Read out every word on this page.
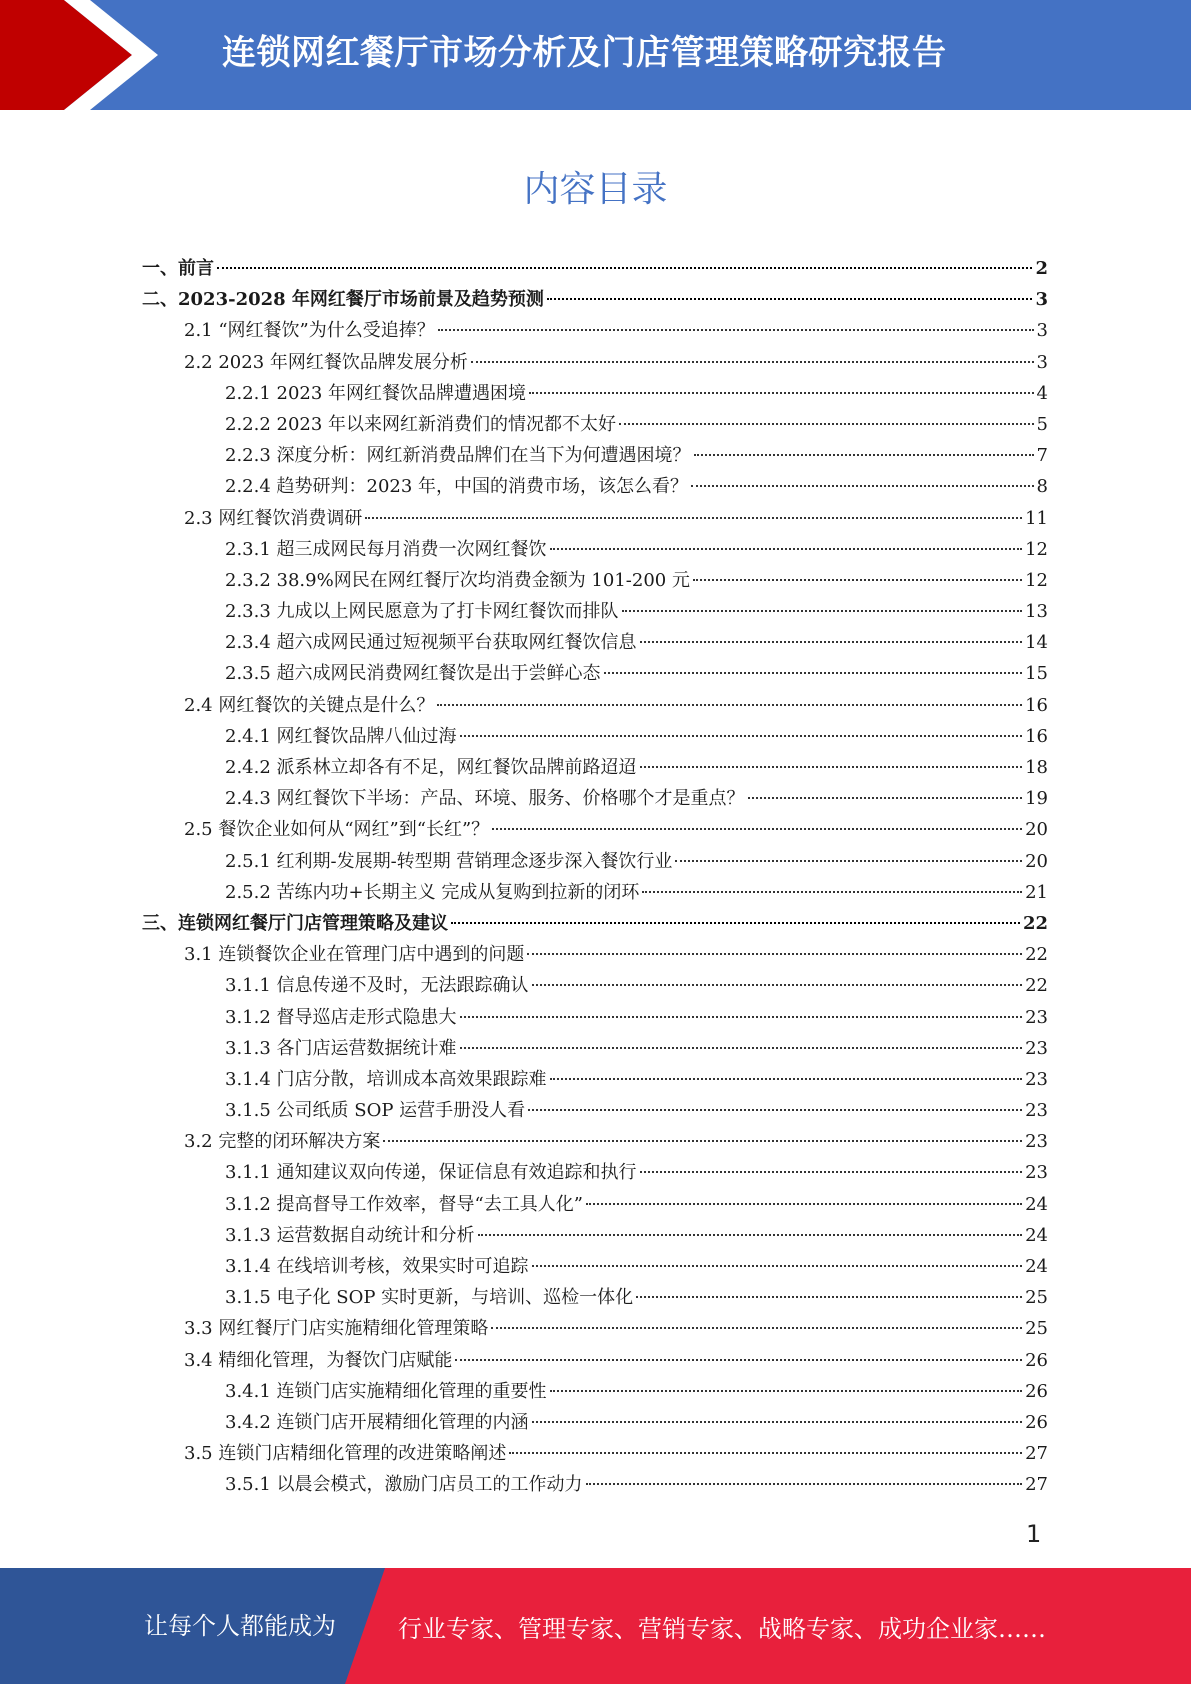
连锁网红餐厅市场分析及门店管理策略研究报告
内容目录
一、前言	2
二、2023-2028 年网红餐厅市场前景及趋势预测	3
2.1 “网红餐饮”为什么受追捧？	3
2.2 2023 年网红餐饮品牌发展分析	3
2.2.1 2023 年网红餐饮品牌遭遇困境	4
2.2.2 2023 年以来网红新消费们的情况都不太好	5
2.2.3 深度分析：网红新消费品牌们在当下为何遭遇困境？	7
2.2.4 趋势研判：2023 年，中国的消费市场，该怎么看？	8
2.3 网红餐饮消费调研	11
2.3.1 超三成网民每月消费一次网红餐饮	12
2.3.2 38.9%网民在网红餐厅次均消费金额为 101-200 元	12
2.3.3 九成以上网民愿意为了打卡网红餐饮而排队	13
2.3.4 超六成网民通过短视频平台获取网红餐饮信息	14
2.3.5 超六成网民消费网红餐饮是出于尝鲜心态	15
2.4 网红餐饮的关键点是什么？	16
2.4.1 网红餐饮品牌八仙过海	16
2.4.2 派系林立却各有不足，网红餐饮品牌前路迢迢	18
2.4.3 网红餐饮下半场：产品、环境、服务、价格哪个才是重点？	19
2.5 餐饮企业如何从“网红”到“长红”？	20
2.5.1 红利期-发展期-转型期 营销理念逐步深入餐饮行业	20
2.5.2 苦练内功+长期主义 完成从复购到拉新的闭环	21
三、连锁网红餐厅门店管理策略及建议	22
3.1 连锁餐饮企业在管理门店中遇到的问题	22
3.1.1 信息传递不及时，无法跟踪确认	22
3.1.2 督导巡店走形式隐患大	23
3.1.3 各门店运营数据统计难	23
3.1.4 门店分散，培训成本高效果跟踪难	23
3.1.5 公司纸质 SOP 运营手册没人看	23
3.2 完整的闭环解决方案	23
3.1.1 通知建议双向传递，保证信息有效追踪和执行	23
3.1.2 提高督导工作效率，督导“去工具人化”	24
3.1.3 运营数据自动统计和分析	24
3.1.4 在线培训考核，效果实时可追踪	24
3.1.5 电子化 SOP 实时更新，与培训、巡检一体化	25
3.3 网红餐厅门店实施精细化管理策略	25
3.4 精细化管理，为餐饮门店赋能	26
3.4.1 连锁门店实施精细化管理的重要性	26
3.4.2 连锁门店开展精细化管理的内涵	26
3.5 连锁门店精细化管理的改进策略阐述	27
3.5.1 以晨会模式，激励门店员工的工作动力	27
1
让每个人都能成为	行业专家、管理专家、营销专家、战略专家、成功企业家……
